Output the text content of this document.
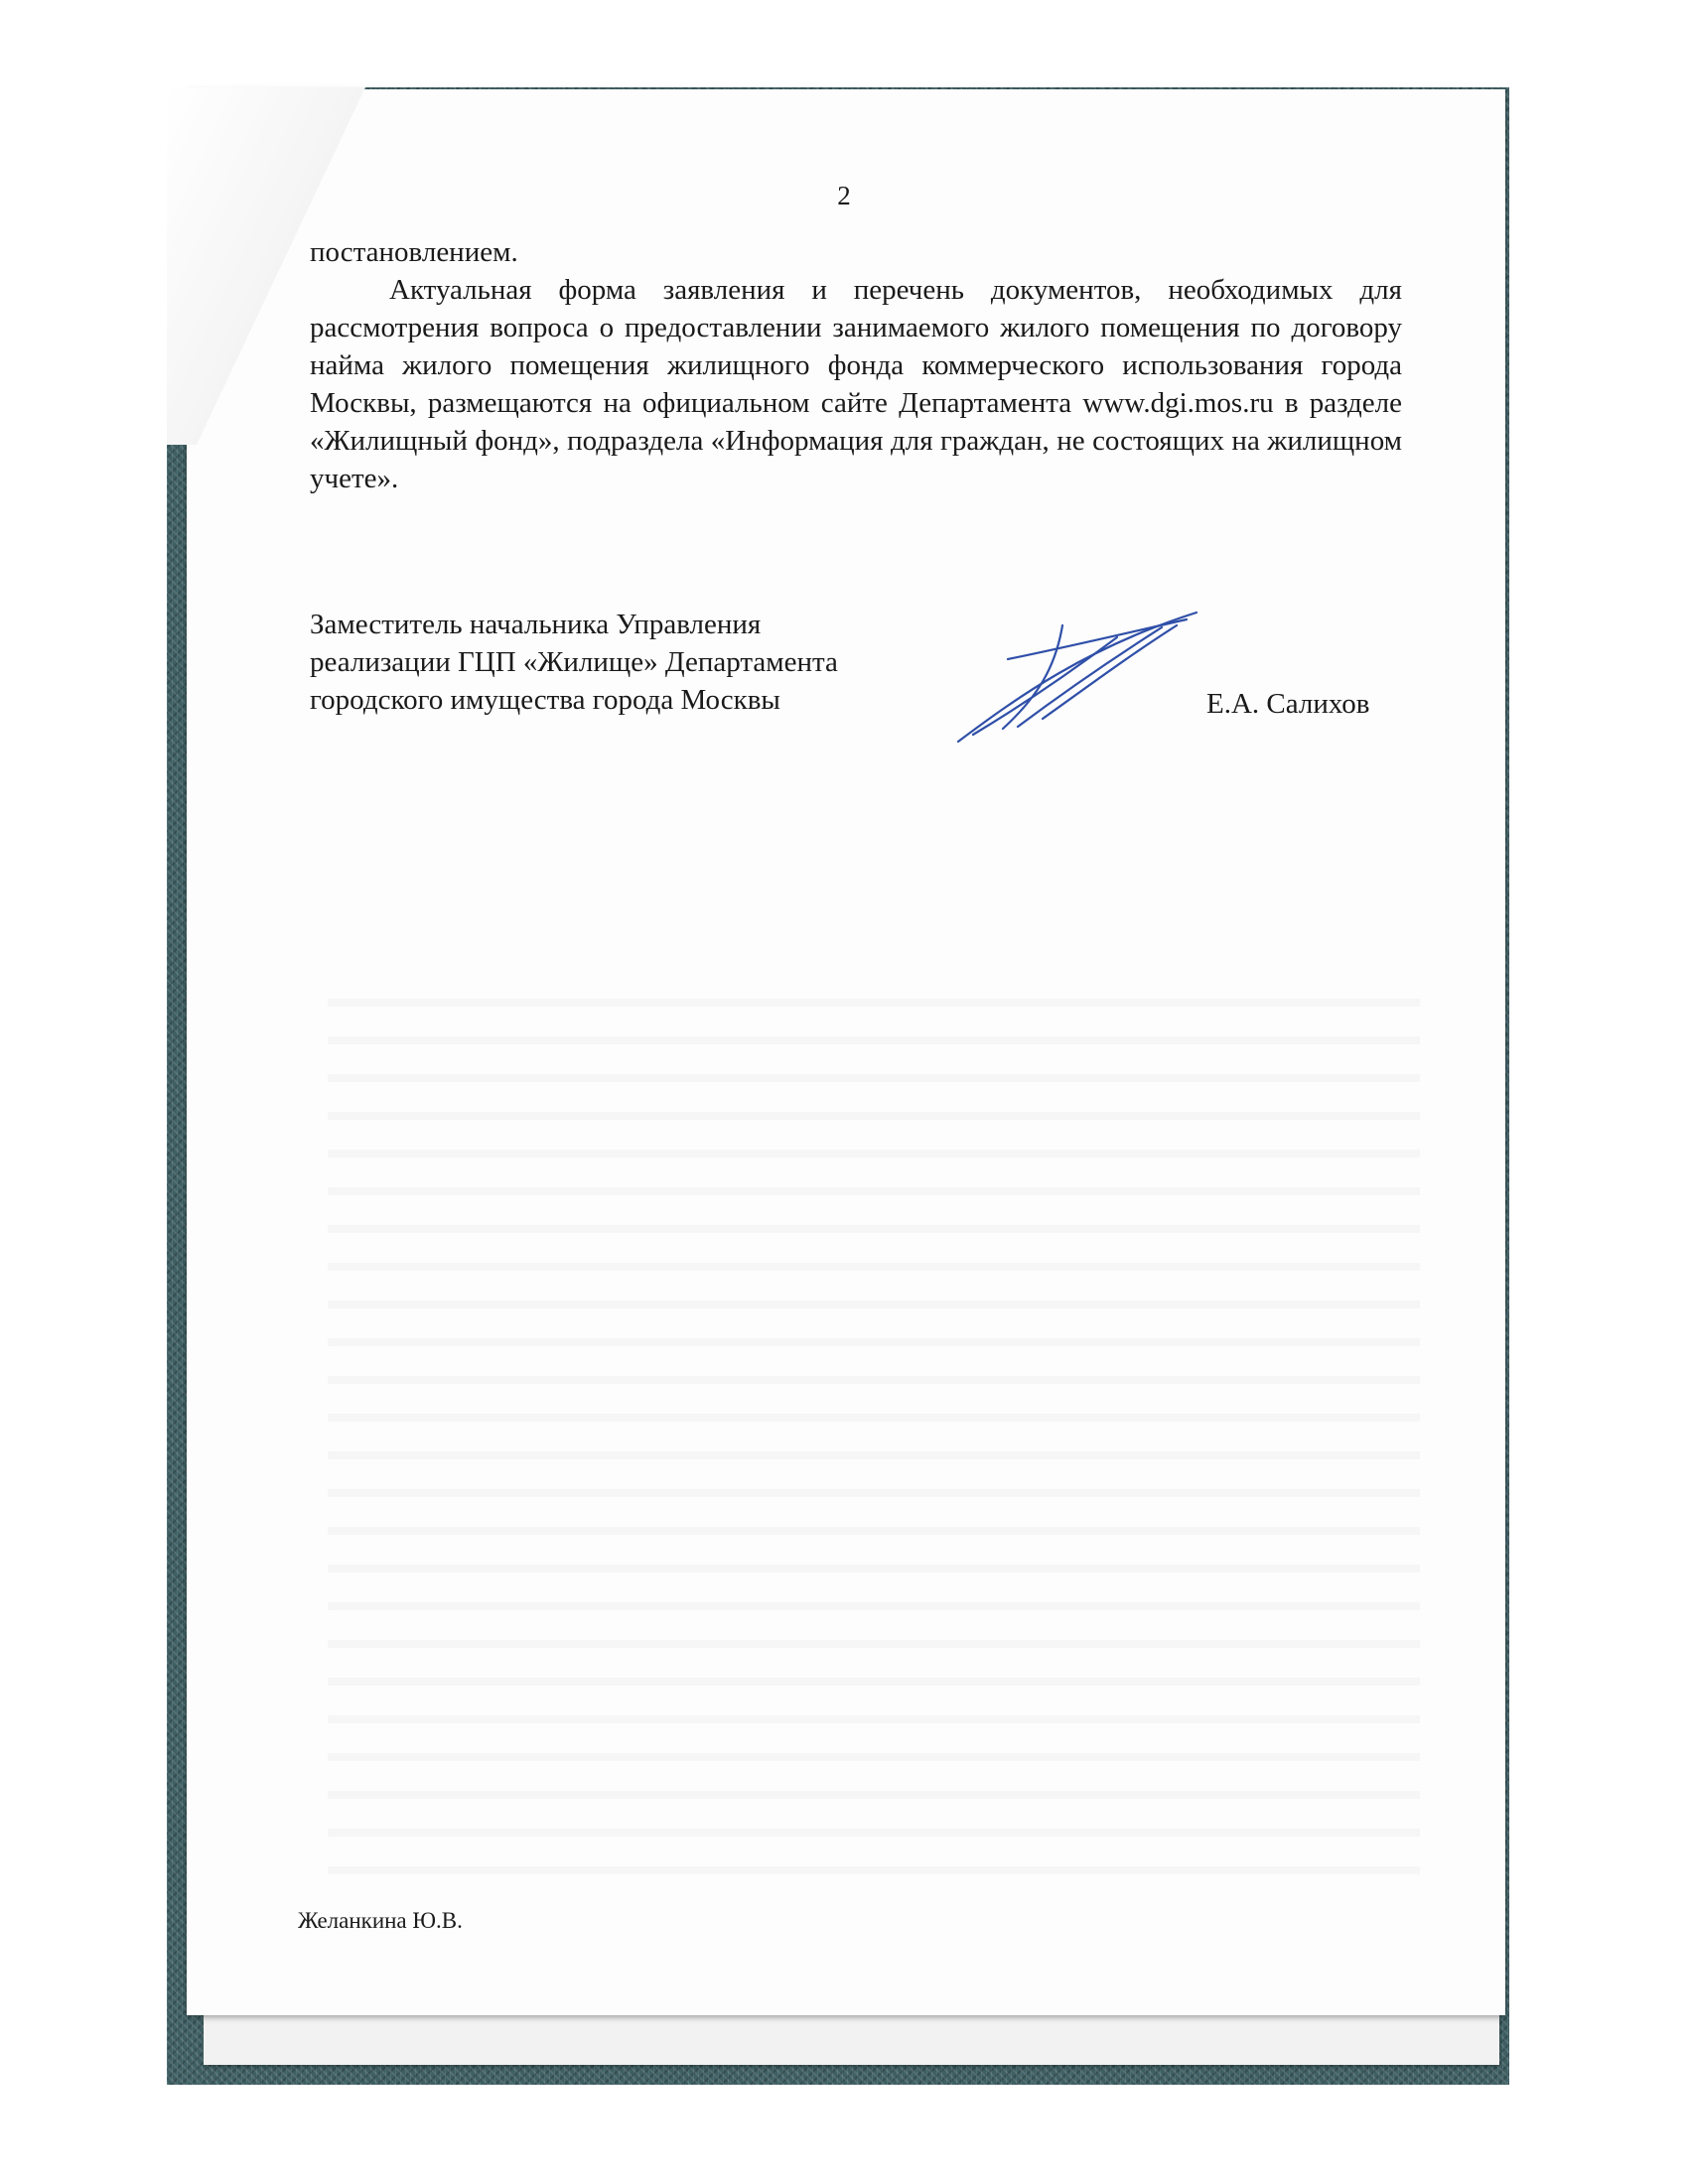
2

постановлением.

Актуальная форма заявления и перечень документов, необходимых для рассмотрения вопроса о предоставлении занимаемого жилого помещения по договору найма жилого помещения жилищного фонда коммерческого использования города Москвы, размещаются на официальном сайте Департамента www.dgi.mos.ru в разделе «Жилищный фонд», подраздела «Информация для граждан, не состоящих на жилищном учете».

Заместитель начальника Управления
реализации ГЦП «Жилище» Департамента
городского имущества города Москвы	Е.А. Салихов
Желанкина Ю.В.
